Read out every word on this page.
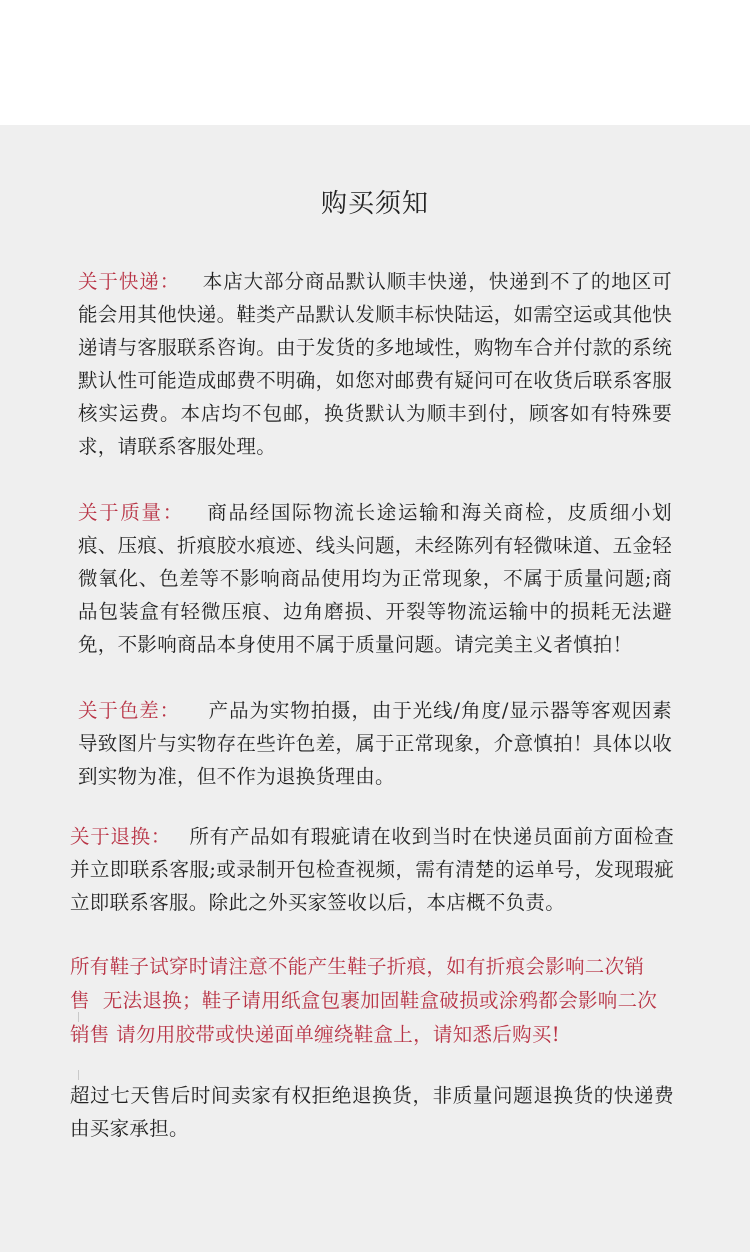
购买须知
关于快递： 本店大部分商品默认顺丰快递，快递到不了的地区可能会用其他快递。鞋类产品默认发顺丰标快陆运，如需空运或其他快递请与客服联系咨询。由于发货的多地域性，购物车合并付款的系统默认性可能造成邮费不明确，如您对邮费有疑问可在收货后联系客服核实运费。本店均不包邮，换货默认为顺丰到付，顾客如有特殊要求，请联系客服处理。
关于质量： 商品经国际物流长途运输和海关商检，皮质细小划痕、压痕、折痕胶水痕迹、线头问题，未经陈列有轻微味道、五金轻微氧化、色差等不影响商品使用均为正常现象，不属于质量问题;商品包装盒有轻微压痕、边角磨损、开裂等物流运输中的损耗无法避免，不影响商品本身使用不属于质量问题。请完美主义者慎拍！
关于色差： 产品为实物拍摄，由于光线/角度/显示器等客观因素导致图片与实物存在些许色差，属于正常现象，介意慎拍！具体以收到实物为准，但不作为退换货理由。
关于退换： 所有产品如有瑕疵请在收到当时在快递员面前方面检查并立即联系客服;或录制开包检查视频，需有清楚的运单号，发现瑕疵立即联系客服。除此之外买家签收以后，本店概不负责。
所有鞋子试穿时请注意不能产生鞋子折痕，如有折痕会影响二次销
售  无法退换；鞋子请用纸盒包裹加固鞋盒破损或涂鸦都会影响二次
销售 请勿用胶带或快递面单缠绕鞋盒上，请知悉后购买!
超过七天售后时间卖家有权拒绝退换货，非质量问题退换货的快递费由买家承担。
